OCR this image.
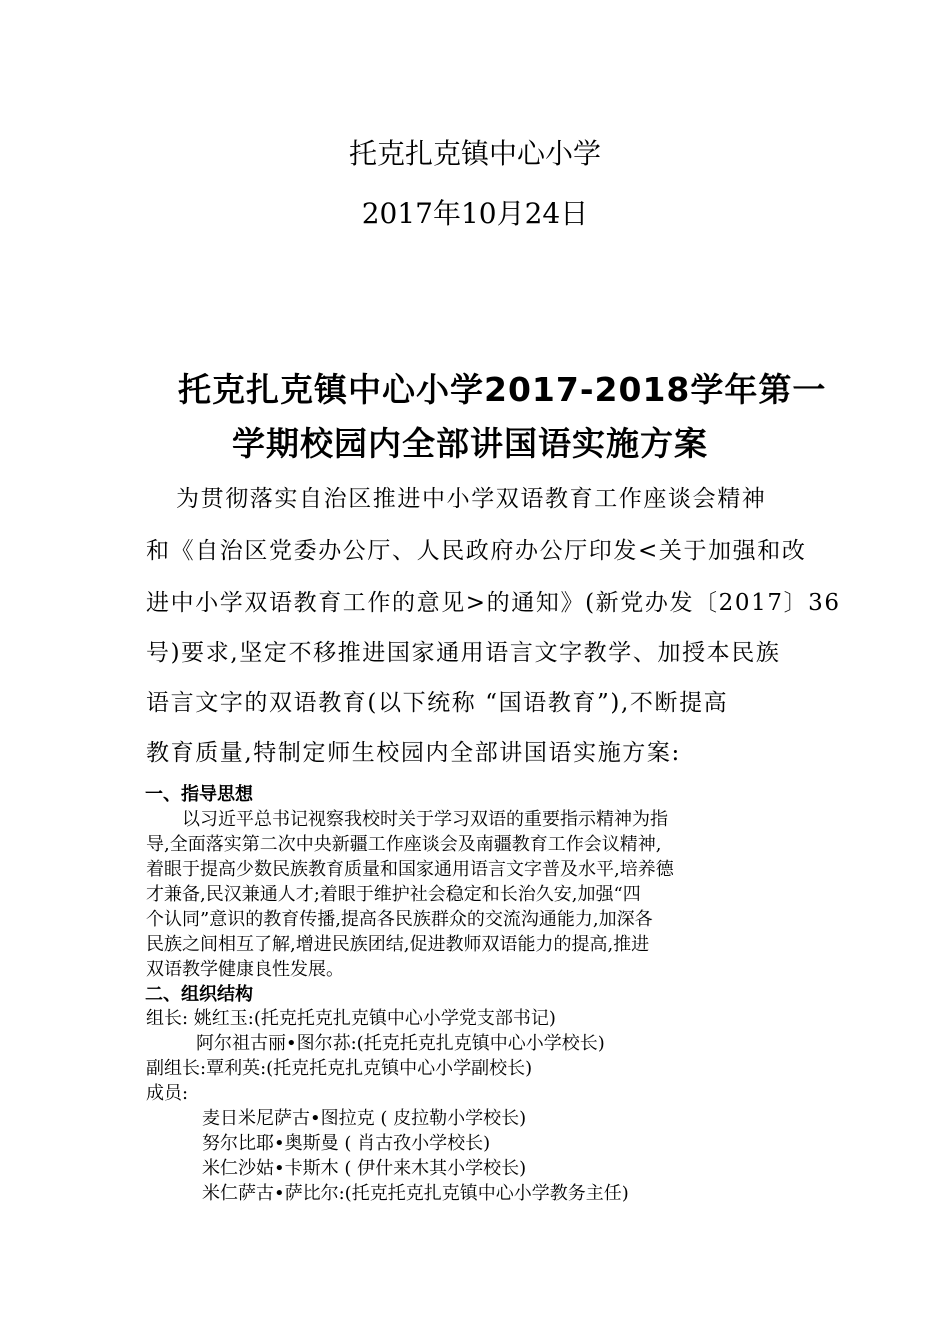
托克扎克镇中心小学
2017年10月24日
托克扎克镇中心小学2017-2018学年第一
学期校园内全部讲国语实施方案
为贯彻落实自治区推进中小学双语教育工作座谈会精神
和《自治区党委办公厅、人民政府办公厅印发<关于加强和改
进中小学双语教育工作的意见>的通知》(新党办发〔2017〕36
号)要求,坚定不移推进国家通用语言文字教学、加授本民族
语言文字的双语教育(以下统称 “国语教育”),不断提高
教育质量,特制定师生校园内全部讲国语实施方案:
一、指导思想
以习近平总书记视察我校时关于学习双语的重要指示精神为指
导,全面落实第二次中央新疆工作座谈会及南疆教育工作会议精神,
着眼于提高少数民族教育质量和国家通用语言文字普及水平,培养德
才兼备,民汉兼通人才;着眼于维护社会稳定和长治久安,加强“四
个认同”意识的教育传播,提高各民族群众的交流沟通能力,加深各
民族之间相互了解,增进民族团结,促进教师双语能力的提高,推进
双语教学健康良性发展。
二、组织结构
组长: 姚红玉:(托克托克扎克镇中心小学党支部书记)
阿尔祖古丽•图尔荪:(托克托克扎克镇中心小学校长)
副组长:覃利英:(托克托克扎克镇中心小学副校长)
成员:
麦日米尼萨古•图拉克 ( 皮拉勒小学校长)
努尔比耶•奥斯曼 ( 肖古孜小学校长)
米仁沙姑•卡斯木 ( 伊什来木其小学校长)
米仁萨古•萨比尔:(托克托克扎克镇中心小学教务主任)
